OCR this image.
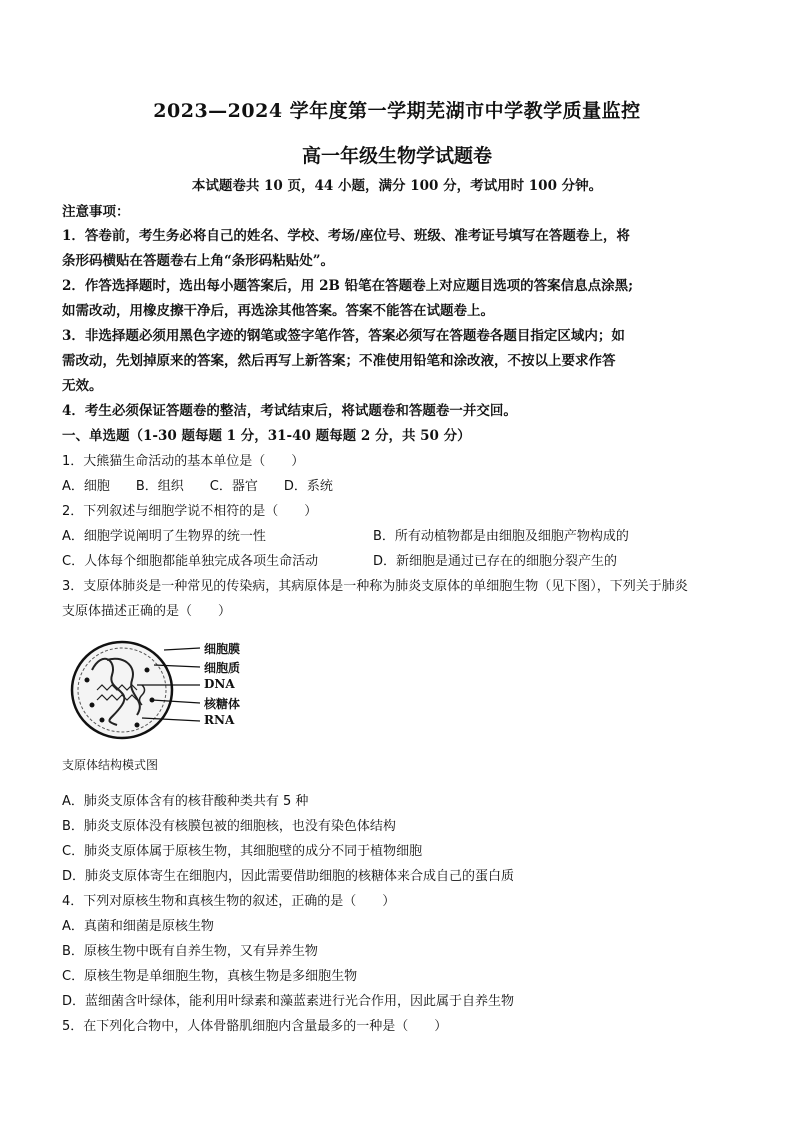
2023—2024 学年度第一学期芜湖市中学教学质量监控
高一年级生物学试题卷
本试题卷共 10 页，44 小题，满分 100 分，考试用时 100 分钟。
注意事项：
1．答卷前，考生务必将自己的姓名、学校、考场/座位号、班级、准考证号填写在答题卷上，将
条形码横贴在答题卷右上角“条形码粘贴处”。
2．作答选择题时，选出每小题答案后，用 2B 铅笔在答题卷上对应题目选项的答案信息点涂黑;
如需改动，用橡皮擦干净后，再选涂其他答案。答案不能答在试题卷上。
3．非选择题必须用黑色字迹的钢笔或签字笔作答，答案必须写在答题卷各题目指定区域内；如
需改动，先划掉原来的答案，然后再写上新答案；不准使用铅笔和涂改液，不按以上要求作答
无效。
4．考生必须保证答题卷的整洁，考试结束后，将试题卷和答题卷一并交回。
一、单选题（1-30 题每题 1 分，31-40 题每题 2 分，共 50 分）
1．大熊猫生命活动的基本单位是（　　）
A．细胞　　B．组织　　C．器官　　D．系统
2．下列叙述与细胞学说不相符的是（　　）
A．细胞学说阐明了生物界的统一性	B．所有动植物都是由细胞及细胞产物构成的
C．人体每个细胞都能单独完成各项生命活动	D．新细胞是通过已存在的细胞分裂产生的
3．支原体肺炎是一种常见的传染病，其病原体是一种称为肺炎支原体的单细胞生物（见下图），下列关于肺炎
支原体描述正确的是（　　）
细胞膜
细胞质
DNA
核糖体
RNA
支原体结构模式图
A．肺炎支原体含有的核苷酸种类共有 5 种
B．肺炎支原体没有核膜包被的细胞核，也没有染色体结构
C．肺炎支原体属于原核生物，其细胞壁的成分不同于植物细胞
D．肺炎支原体寄生在细胞内，因此需要借助细胞的核糖体来合成自己的蛋白质
4．下列对原核生物和真核生物的叙述，正确的是（　　）
A．真菌和细菌是原核生物
B．原核生物中既有自养生物，又有异养生物
C．原核生物是单细胞生物，真核生物是多细胞生物
D．蓝细菌含叶绿体，能利用叶绿素和藻蓝素进行光合作用，因此属于自养生物
5．在下列化合物中，人体骨骼肌细胞内含量最多的一种是（　　）
